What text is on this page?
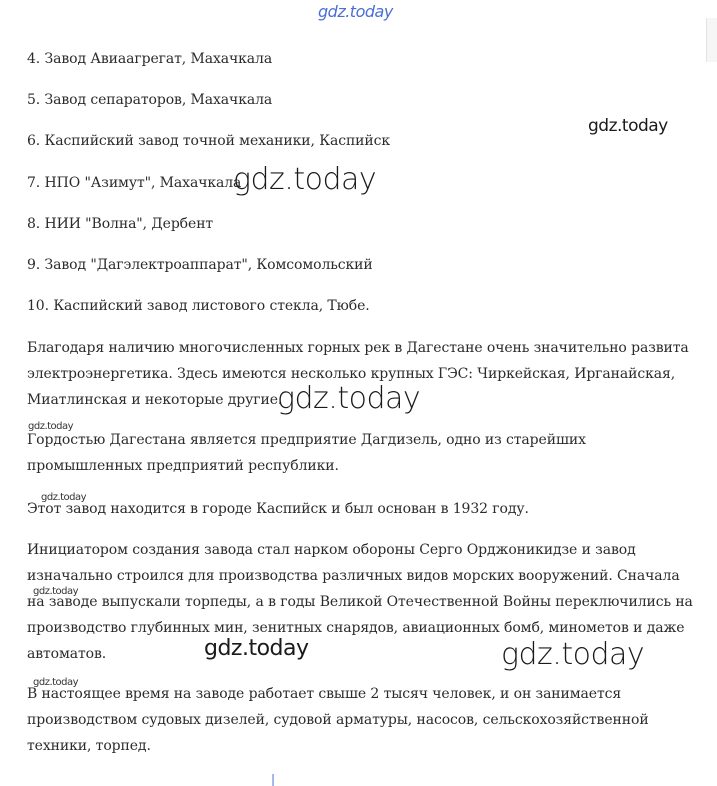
gdz.today
4. Завод Авиаагрегат, Махачкала
5. Завод сепараторов, Махачкала
6. Каспийский завод точной механики, Каспийск
7. НПО "Азимут", Махачкала
8. НИИ "Волна", Дербент
9. Завод "Дагэлектроаппарат", Комсомольский
10. Каспийский завод листового стекла, Тюбе.
Благодаря наличию многочисленных горных рек в Дагестане очень значительно развита электроэнергетика. Здесь имеются несколько крупных ГЭС: Чиркейская, Ирганайская, Миатлинская и некоторые другие.
Гордостью Дагестана является предприятие Дагдизель, одно из старейших промышленных предприятий республики.
Этот завод находится в городе Каспийск и был основан в 1932 году.
Инициатором создания завода стал нарком обороны Серго Орджоникидзе и завод изначально строился для производства различных видов морских вооружений. Сначала на заводе выпускали торпеды, а в годы Великой Отечественной Войны переключились на производство глубинных мин, зенитных снарядов, авиационных бомб, минометов и даже автоматов.
В настоящее время на заводе работает свыше 2 тысяч человек, и он занимается производством судовых дизелей, судовой арматуры, насосов, сельскохозяйственной техники, торпед.
gdz.today
gdz.today
gdz.today
gdz.today
gdz.today
gdz.today
gdz.today	gdz.today
gdz.today
❘
